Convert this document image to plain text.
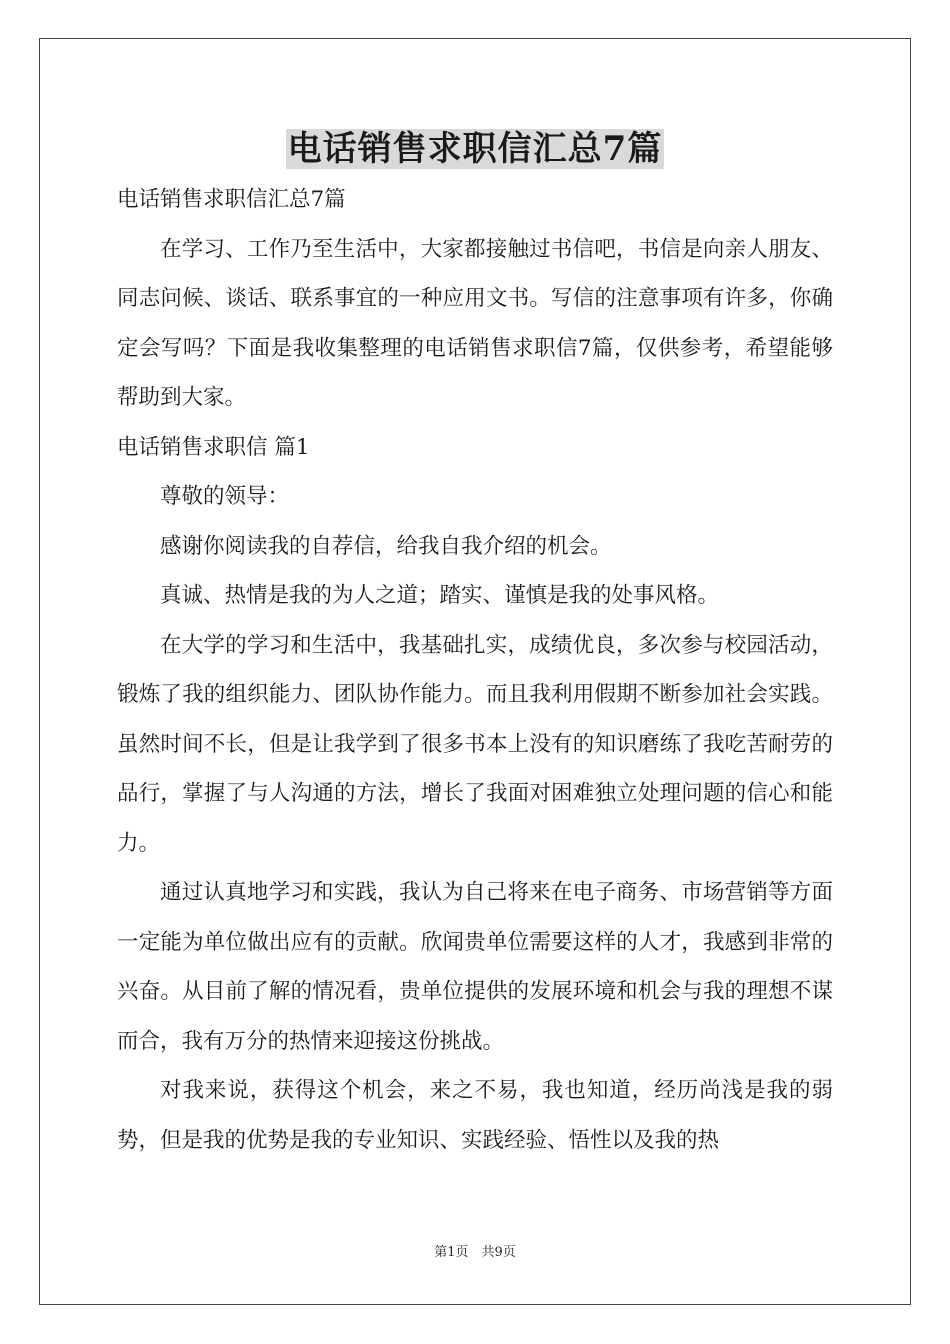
电话销售求职信汇总7篇

电话销售求职信汇总7篇

在学习、工作乃至生活中，大家都接触过书信吧，书信是向亲人朋友、同志问候、谈话、联系事宜的一种应用文书。写信的注意事项有许多，你确定会写吗？下面是我收集整理的电话销售求职信7篇，仅供参考，希望能够帮助到大家。

电话销售求职信 篇1

尊敬的领导：

感谢你阅读我的自荐信，给我自我介绍的机会。

真诚、热情是我的为人之道；踏实、谨慎是我的处事风格。

在大学的学习和生活中，我基础扎实，成绩优良，多次参与校园活动，锻炼了我的组织能力、团队协作能力。而且我利用假期不断参加社会实践。虽然时间不长，但是让我学到了很多书本上没有的知识磨练了我吃苦耐劳的品行，掌握了与人沟通的方法，增长了我面对困难独立处理问题的信心和能力。

通过认真地学习和实践，我认为自己将来在电子商务、市场营销等方面一定能为单位做出应有的贡献。欣闻贵单位需要这样的人才，我感到非常的兴奋。从目前了解的情况看，贵单位提供的发展环境和机会与我的理想不谋而合，我有万分的热情来迎接这份挑战。

对我来说，获得这个机会，来之不易，我也知道，经历尚浅是我的弱势，但是我的优势是我的专业知识、实践经验、悟性以及我的热

第1页　共9页
